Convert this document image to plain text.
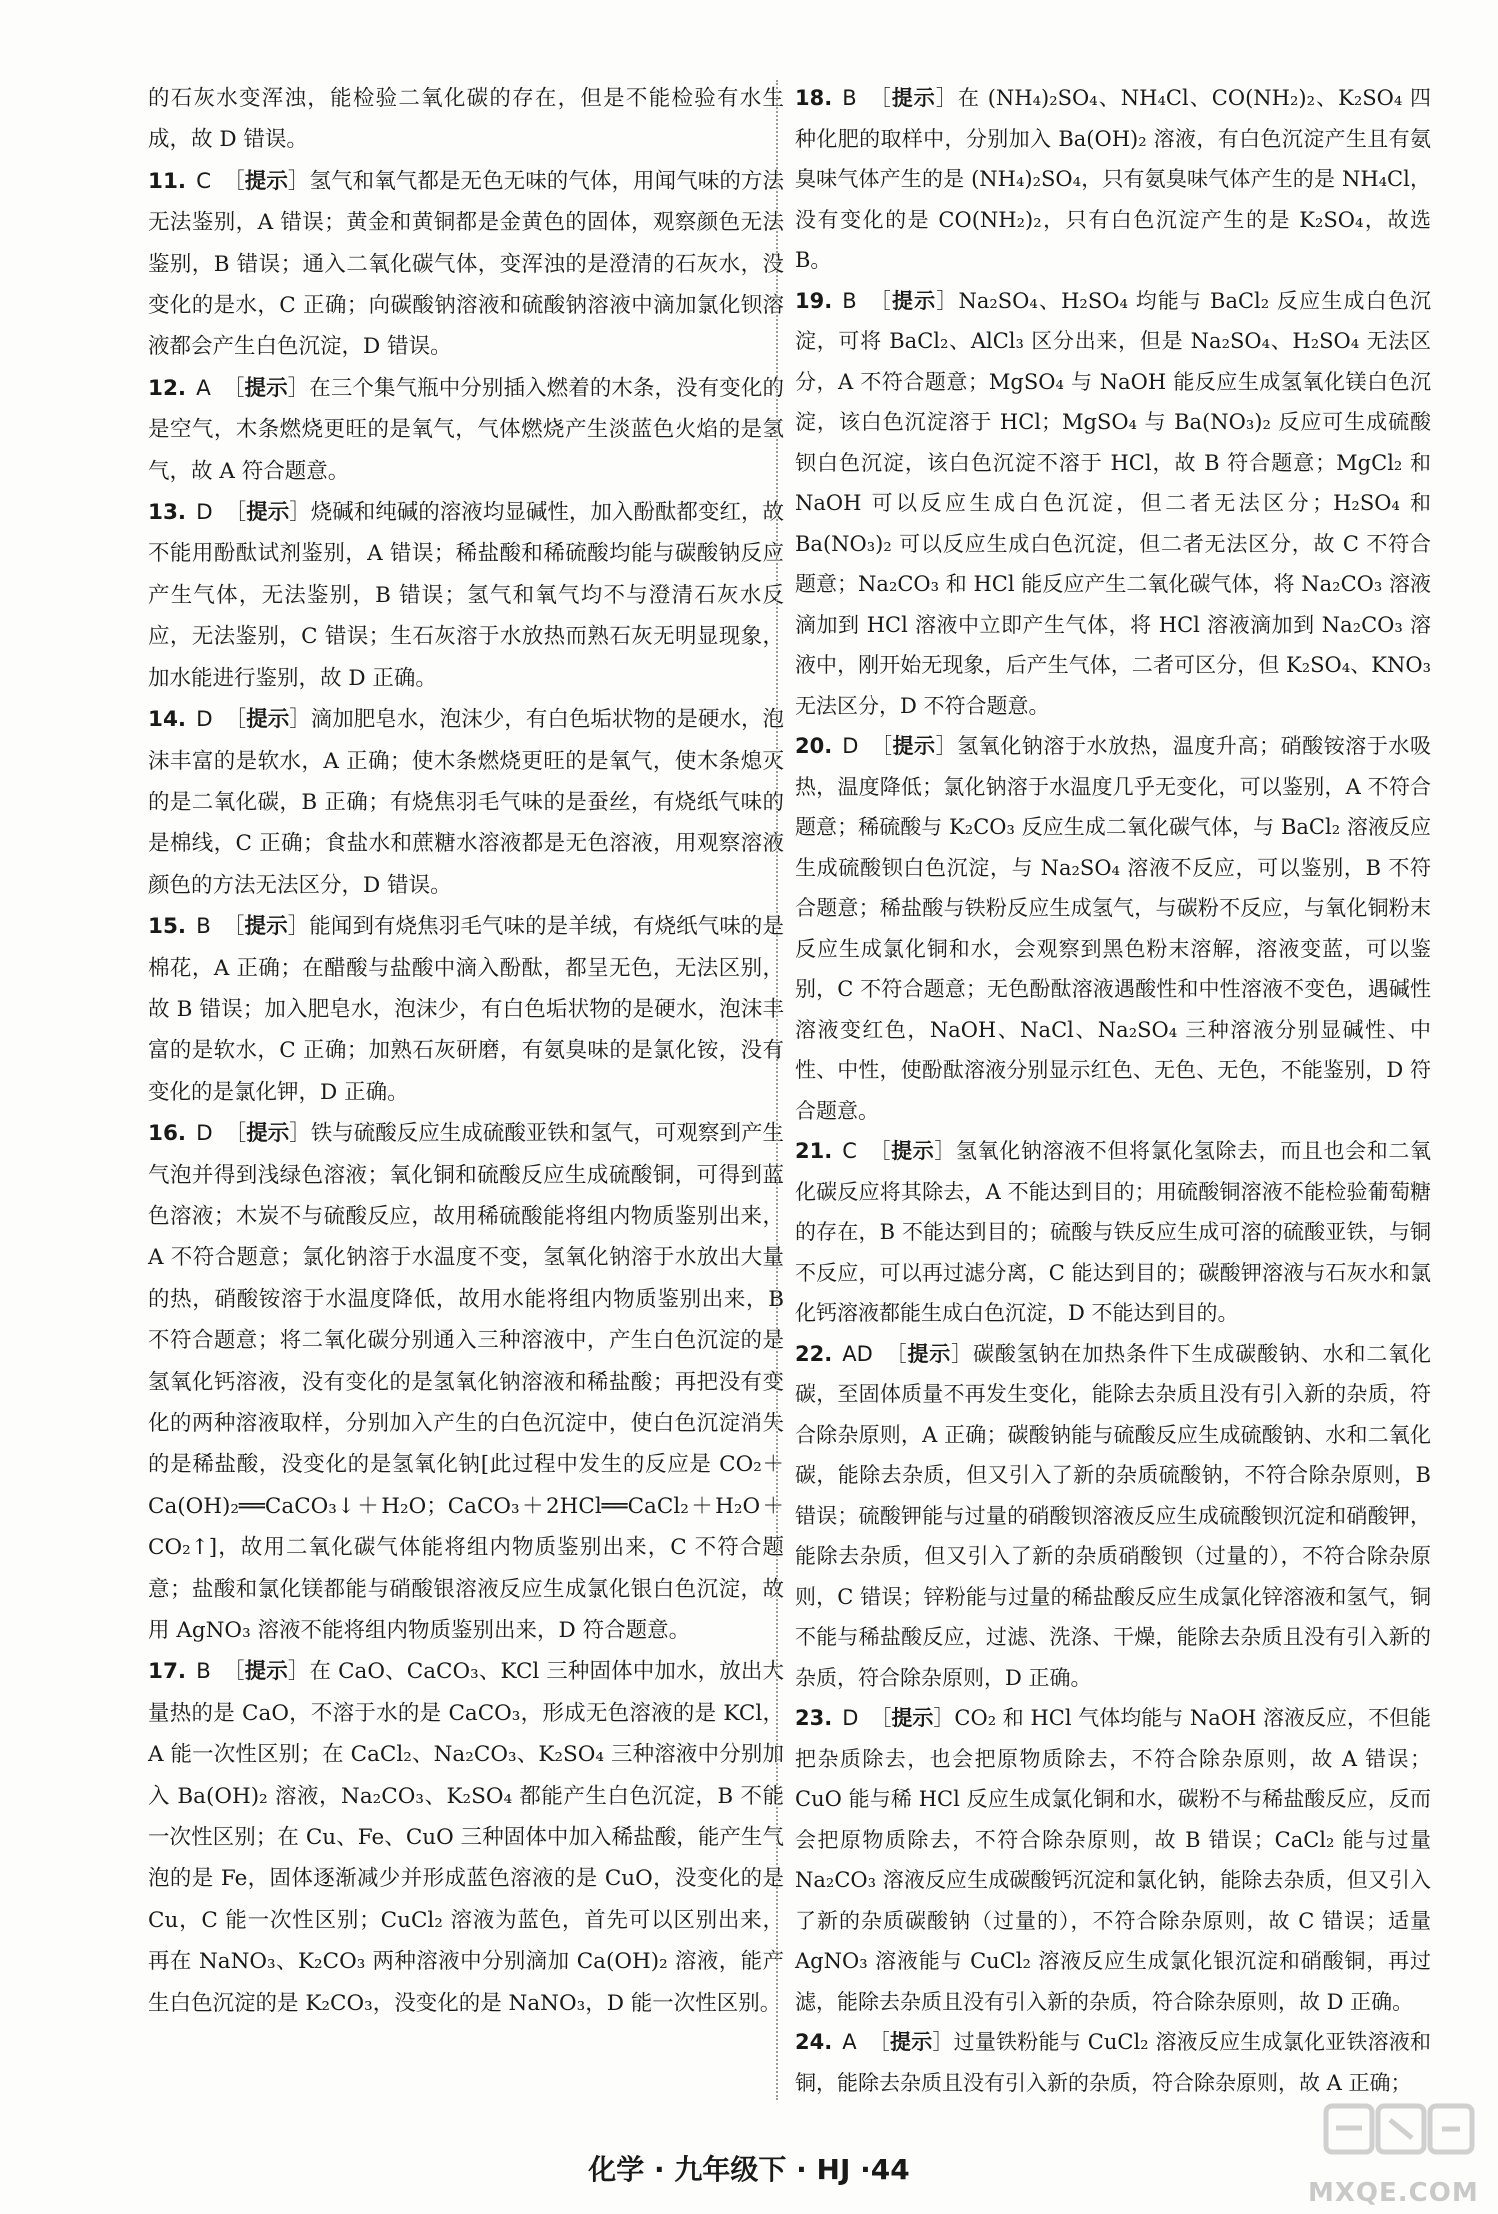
的石灰水变浑浊，能检验二氧化碳的存在，但是不能检验有水生成，故 D 错误。

11. C ［提示］氢气和氧气都是无色无味的气体，用闻气味的方法无法鉴别，A 错误；黄金和黄铜都是金黄色的固体，观察颜色无法鉴别，B 错误；通入二氧化碳气体，变浑浊的是澄清的石灰水，没变化的是水，C 正确；向碳酸钠溶液和硫酸钠溶液中滴加氯化钡溶液都会产生白色沉淀，D 错误。

12. A ［提示］在三个集气瓶中分别插入燃着的木条，没有变化的是空气，木条燃烧更旺的是氧气，气体燃烧产生淡蓝色火焰的是氢气，故 A 符合题意。

13. D ［提示］烧碱和纯碱的溶液均显碱性，加入酚酞都变红，故不能用酚酞试剂鉴别，A 错误；稀盐酸和稀硫酸均能与碳酸钠反应产生气体，无法鉴别，B 错误；氢气和氧气均不与澄清石灰水反应，无法鉴别，C 错误；生石灰溶于水放热而熟石灰无明显现象，加水能进行鉴别，故 D 正确。

14. D ［提示］滴加肥皂水，泡沫少，有白色垢状物的是硬水，泡沫丰富的是软水，A 正确；使木条燃烧更旺的是氧气，使木条熄灭的是二氧化碳，B 正确；有烧焦羽毛气味的是蚕丝，有烧纸气味的是棉线，C 正确；食盐水和蔗糖水溶液都是无色溶液，用观察溶液颜色的方法无法区分，D 错误。

15. B ［提示］能闻到有烧焦羽毛气味的是羊绒，有烧纸气味的是棉花，A 正确；在醋酸与盐酸中滴入酚酞，都呈无色，无法区别，故 B 错误；加入肥皂水，泡沫少，有白色垢状物的是硬水，泡沫丰富的是软水，C 正确；加熟石灰研磨，有氨臭味的是氯化铵，没有变化的是氯化钾，D 正确。

16. D ［提示］铁与硫酸反应生成硫酸亚铁和氢气，可观察到产生气泡并得到浅绿色溶液；氧化铜和硫酸反应生成硫酸铜，可得到蓝色溶液；木炭不与硫酸反应，故用稀硫酸能将组内物质鉴别出来，A 不符合题意；氯化钠溶于水温度不变，氢氧化钠溶于水放出大量的热，硝酸铵溶于水温度降低，故用水能将组内物质鉴别出来，B 不符合题意；将二氧化碳分别通入三种溶液中，产生白色沉淀的是氢氧化钙溶液，没有变化的是氢氧化钠溶液和稀盐酸；再把没有变化的两种溶液取样，分别加入产生的白色沉淀中，使白色沉淀消失的是稀盐酸，没变化的是氢氧化钠[此过程中发生的反应是 CO₂＋Ca(OH)₂══CaCO₃↓＋H₂O；CaCO₃＋2HCl══CaCl₂＋H₂O＋CO₂↑]，故用二氧化碳气体能将组内物质鉴别出来，C 不符合题意；盐酸和氯化镁都能与硝酸银溶液反应生成氯化银白色沉淀，故用 AgNO₃ 溶液不能将组内物质鉴别出来，D 符合题意。

17. B ［提示］在 CaO、CaCO₃、KCl 三种固体中加水，放出大量热的是 CaO，不溶于水的是 CaCO₃，形成无色溶液的是 KCl，A 能一次性区别；在 CaCl₂、Na₂CO₃、K₂SO₄ 三种溶液中分别加入 Ba(OH)₂ 溶液，Na₂CO₃、K₂SO₄ 都能产生白色沉淀，B 不能一次性区别；在 Cu、Fe、CuO 三种固体中加入稀盐酸，能产生气泡的是 Fe，固体逐渐减少并形成蓝色溶液的是 CuO，没变化的是 Cu，C 能一次性区别；CuCl₂ 溶液为蓝色，首先可以区别出来，再在 NaNO₃、K₂CO₃ 两种溶液中分别滴加 Ca(OH)₂ 溶液，能产生白色沉淀的是 K₂CO₃，没变化的是 NaNO₃，D 能一次性区别。

18. B ［提示］在 (NH₄)₂SO₄、NH₄Cl、CO(NH₂)₂、K₂SO₄ 四种化肥的取样中，分别加入 Ba(OH)₂ 溶液，有白色沉淀产生且有氨臭味气体产生的是 (NH₄)₂SO₄，只有氨臭味气体产生的是 NH₄Cl，没有变化的是 CO(NH₂)₂，只有白色沉淀产生的是 K₂SO₄，故选 B。

19. B ［提示］Na₂SO₄、H₂SO₄ 均能与 BaCl₂ 反应生成白色沉淀，可将 BaCl₂、AlCl₃ 区分出来，但是 Na₂SO₄、H₂SO₄ 无法区分，A 不符合题意；MgSO₄ 与 NaOH 能反应生成氢氧化镁白色沉淀，该白色沉淀溶于 HCl；MgSO₄ 与 Ba(NO₃)₂ 反应可生成硫酸钡白色沉淀，该白色沉淀不溶于 HCl，故 B 符合题意；MgCl₂ 和 NaOH 可以反应生成白色沉淀，但二者无法区分；H₂SO₄ 和 Ba(NO₃)₂ 可以反应生成白色沉淀，但二者无法区分，故 C 不符合题意；Na₂CO₃ 和 HCl 能反应产生二氧化碳气体，将 Na₂CO₃ 溶液滴加到 HCl 溶液中立即产生气体，将 HCl 溶液滴加到 Na₂CO₃ 溶液中，刚开始无现象，后产生气体，二者可区分，但 K₂SO₄、KNO₃ 无法区分，D 不符合题意。

20. D ［提示］氢氧化钠溶于水放热，温度升高；硝酸铵溶于水吸热，温度降低；氯化钠溶于水温度几乎无变化，可以鉴别，A 不符合题意；稀硫酸与 K₂CO₃ 反应生成二氧化碳气体，与 BaCl₂ 溶液反应生成硫酸钡白色沉淀，与 Na₂SO₄ 溶液不反应，可以鉴别，B 不符合题意；稀盐酸与铁粉反应生成氢气，与碳粉不反应，与氧化铜粉末反应生成氯化铜和水，会观察到黑色粉末溶解，溶液变蓝，可以鉴别，C 不符合题意；无色酚酞溶液遇酸性和中性溶液不变色，遇碱性溶液变红色，NaOH、NaCl、Na₂SO₄ 三种溶液分别显碱性、中性、中性，使酚酞溶液分别显示红色、无色、无色，不能鉴别，D 符合题意。

21. C ［提示］氢氧化钠溶液不但将氯化氢除去，而且也会和二氧化碳反应将其除去，A 不能达到目的；用硫酸铜溶液不能检验葡萄糖的存在，B 不能达到目的；硫酸与铁反应生成可溶的硫酸亚铁，与铜不反应，可以再过滤分离，C 能达到目的；碳酸钾溶液与石灰水和氯化钙溶液都能生成白色沉淀，D 不能达到目的。

22. AD ［提示］碳酸氢钠在加热条件下生成碳酸钠、水和二氧化碳，至固体质量不再发生变化，能除去杂质且没有引入新的杂质，符合除杂原则，A 正确；碳酸钠能与硫酸反应生成硫酸钠、水和二氧化碳，能除去杂质，但又引入了新的杂质硫酸钠，不符合除杂原则，B 错误；硫酸钾能与过量的硝酸钡溶液反应生成硫酸钡沉淀和硝酸钾，能除去杂质，但又引入了新的杂质硝酸钡（过量的），不符合除杂原则，C 错误；锌粉能与过量的稀盐酸反应生成氯化锌溶液和氢气，铜不能与稀盐酸反应，过滤、洗涤、干燥，能除去杂质且没有引入新的杂质，符合除杂原则，D 正确。

23. D ［提示］CO₂ 和 HCl 气体均能与 NaOH 溶液反应，不但能把杂质除去，也会把原物质除去，不符合除杂原则，故 A 错误；CuO 能与稀 HCl 反应生成氯化铜和水，碳粉不与稀盐酸反应，反而会把原物质除去，不符合除杂原则，故 B 错误；CaCl₂ 能与过量 Na₂CO₃ 溶液反应生成碳酸钙沉淀和氯化钠，能除去杂质，但又引入了新的杂质碳酸钠（过量的），不符合除杂原则，故 C 错误；适量 AgNO₃ 溶液能与 CuCl₂ 溶液反应生成氯化银沉淀和硝酸铜，再过滤，能除去杂质且没有引入新的杂质，符合除杂原则，故 D 正确。

24. A ［提示］过量铁粉能与 CuCl₂ 溶液反应生成氯化亚铁溶液和铜，能除去杂质且没有引入新的杂质，符合除杂原则，故 A 正确；

化学 · 九年级下 · HJ ·44
MXQE.COM
